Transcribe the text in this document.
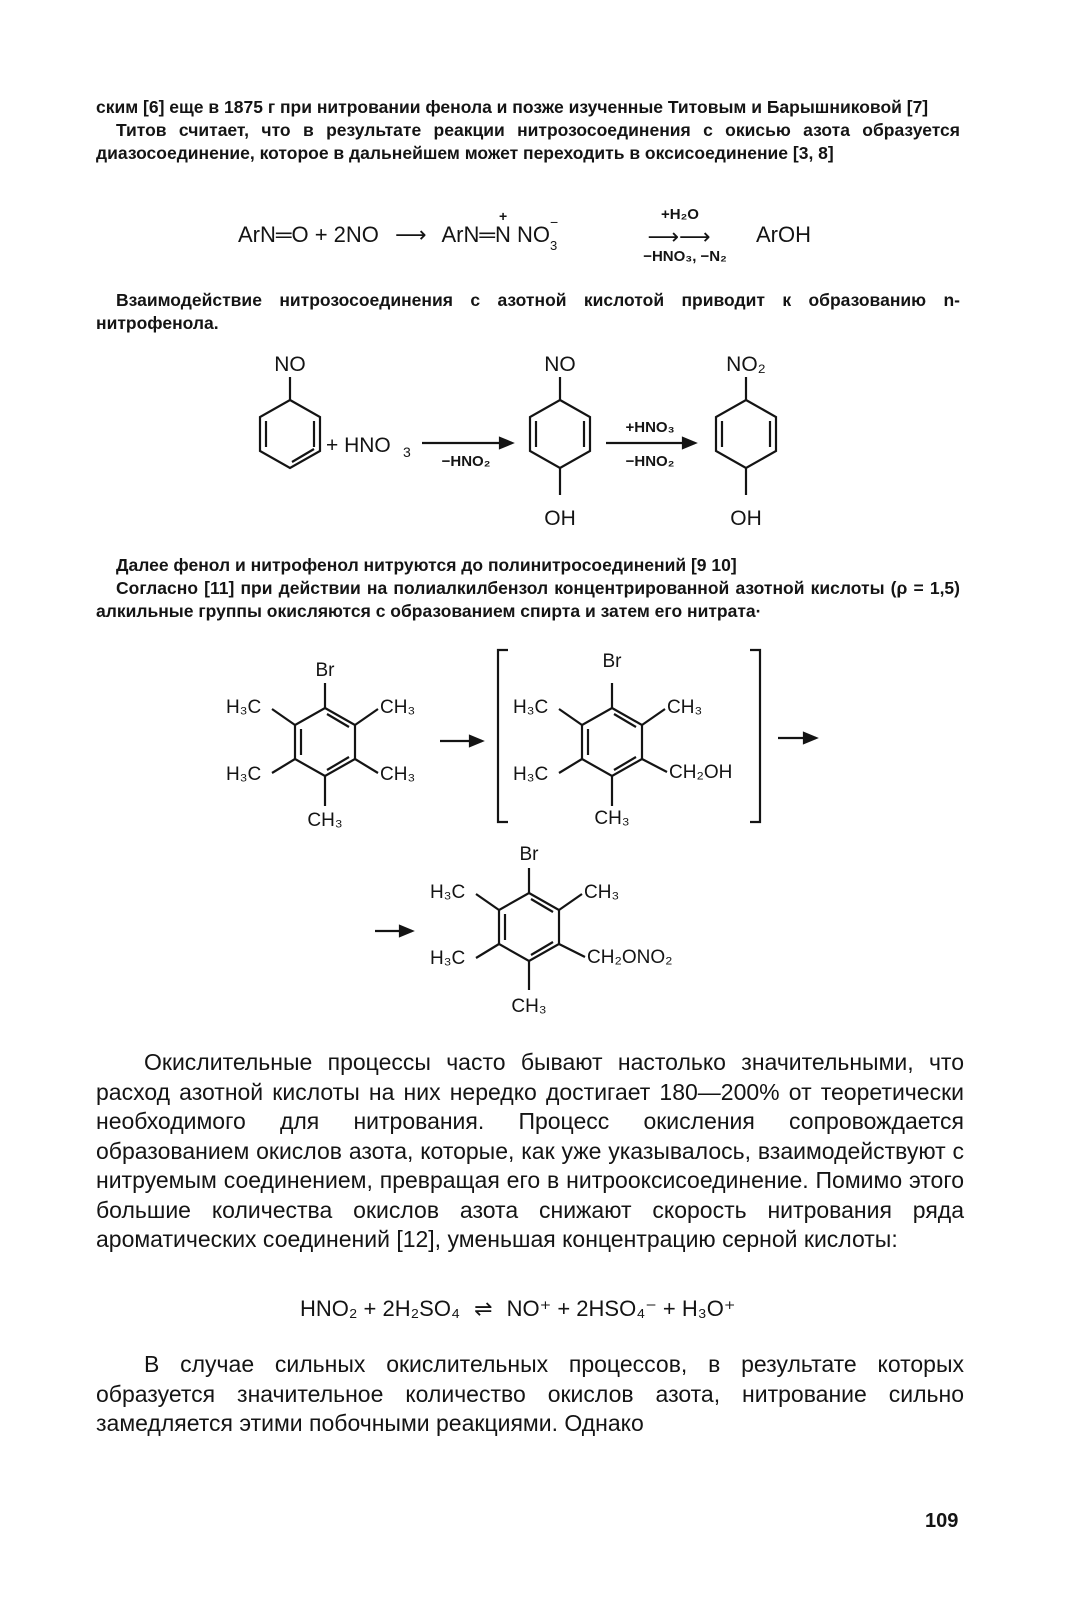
ским [6] еще в 1875 г при нитровании фенола и позже изученные Титовым и Барышниковой [7]

Титов считает, что в результате реакции нитрозосоединения с окисью азота образуется диазосоединение, которое в дальнейшем может переходить в оксисоединение [3, 8]

ArN═O + 2NO ⟶ ArN═N
+
NO −
$_3$
+H₂O
⟶⟶
−HNO₃, −N₂
ArOH
Взаимодействие нитрозосоединения с азотной кислотой приводит к образованию n-нитрофенола.
NO
+ HNO 3
−HNO₂
NO
OH
+HNO₃
−HNO₂
NO₂
OH
Br
H₃C
H₃C
CH₃
CH₃
CH₃
Br
H₃C
H₃C
CH₃
CH₂OH
CH₃
Br
H₃C
H₃C
CH₃
CH₂ONO₂
CH₃

Далее фенол и нитрофенол нитруются до полинитросоединений [9 10]

Согласно [11] при действии на полиалкилбензол концентрированной азотной кислоты (ρ = 1,5) алкильные группы окисляются с образованием спирта и затем его нитрата·

Окислительные процессы часто бывают настолько значительными, что расход азотной кислоты на них нередко достигает 180—200% от теоретически необходимого для нитрования. Процесс окисления сопровождается образованием окислов азота, которые, как уже указывалось, взаимодействуют с нитруемым соединением, превращая его в нитрооксисоединение. Помимо этого большие количества окислов азота снижают скорость нитрования ряда ароматических соединений [12], уменьшая концентрацию серной кислоты:

HNO₂ + 2H₂SO₄ ⇌ NO⁺ + 2HSO₄⁻ + H₃O⁺

В случае сильных окислительных процессов, в результате которых образуется значительное количество окислов азота, нитрование сильно замедляется этими побочными реакциями. Однако

109
